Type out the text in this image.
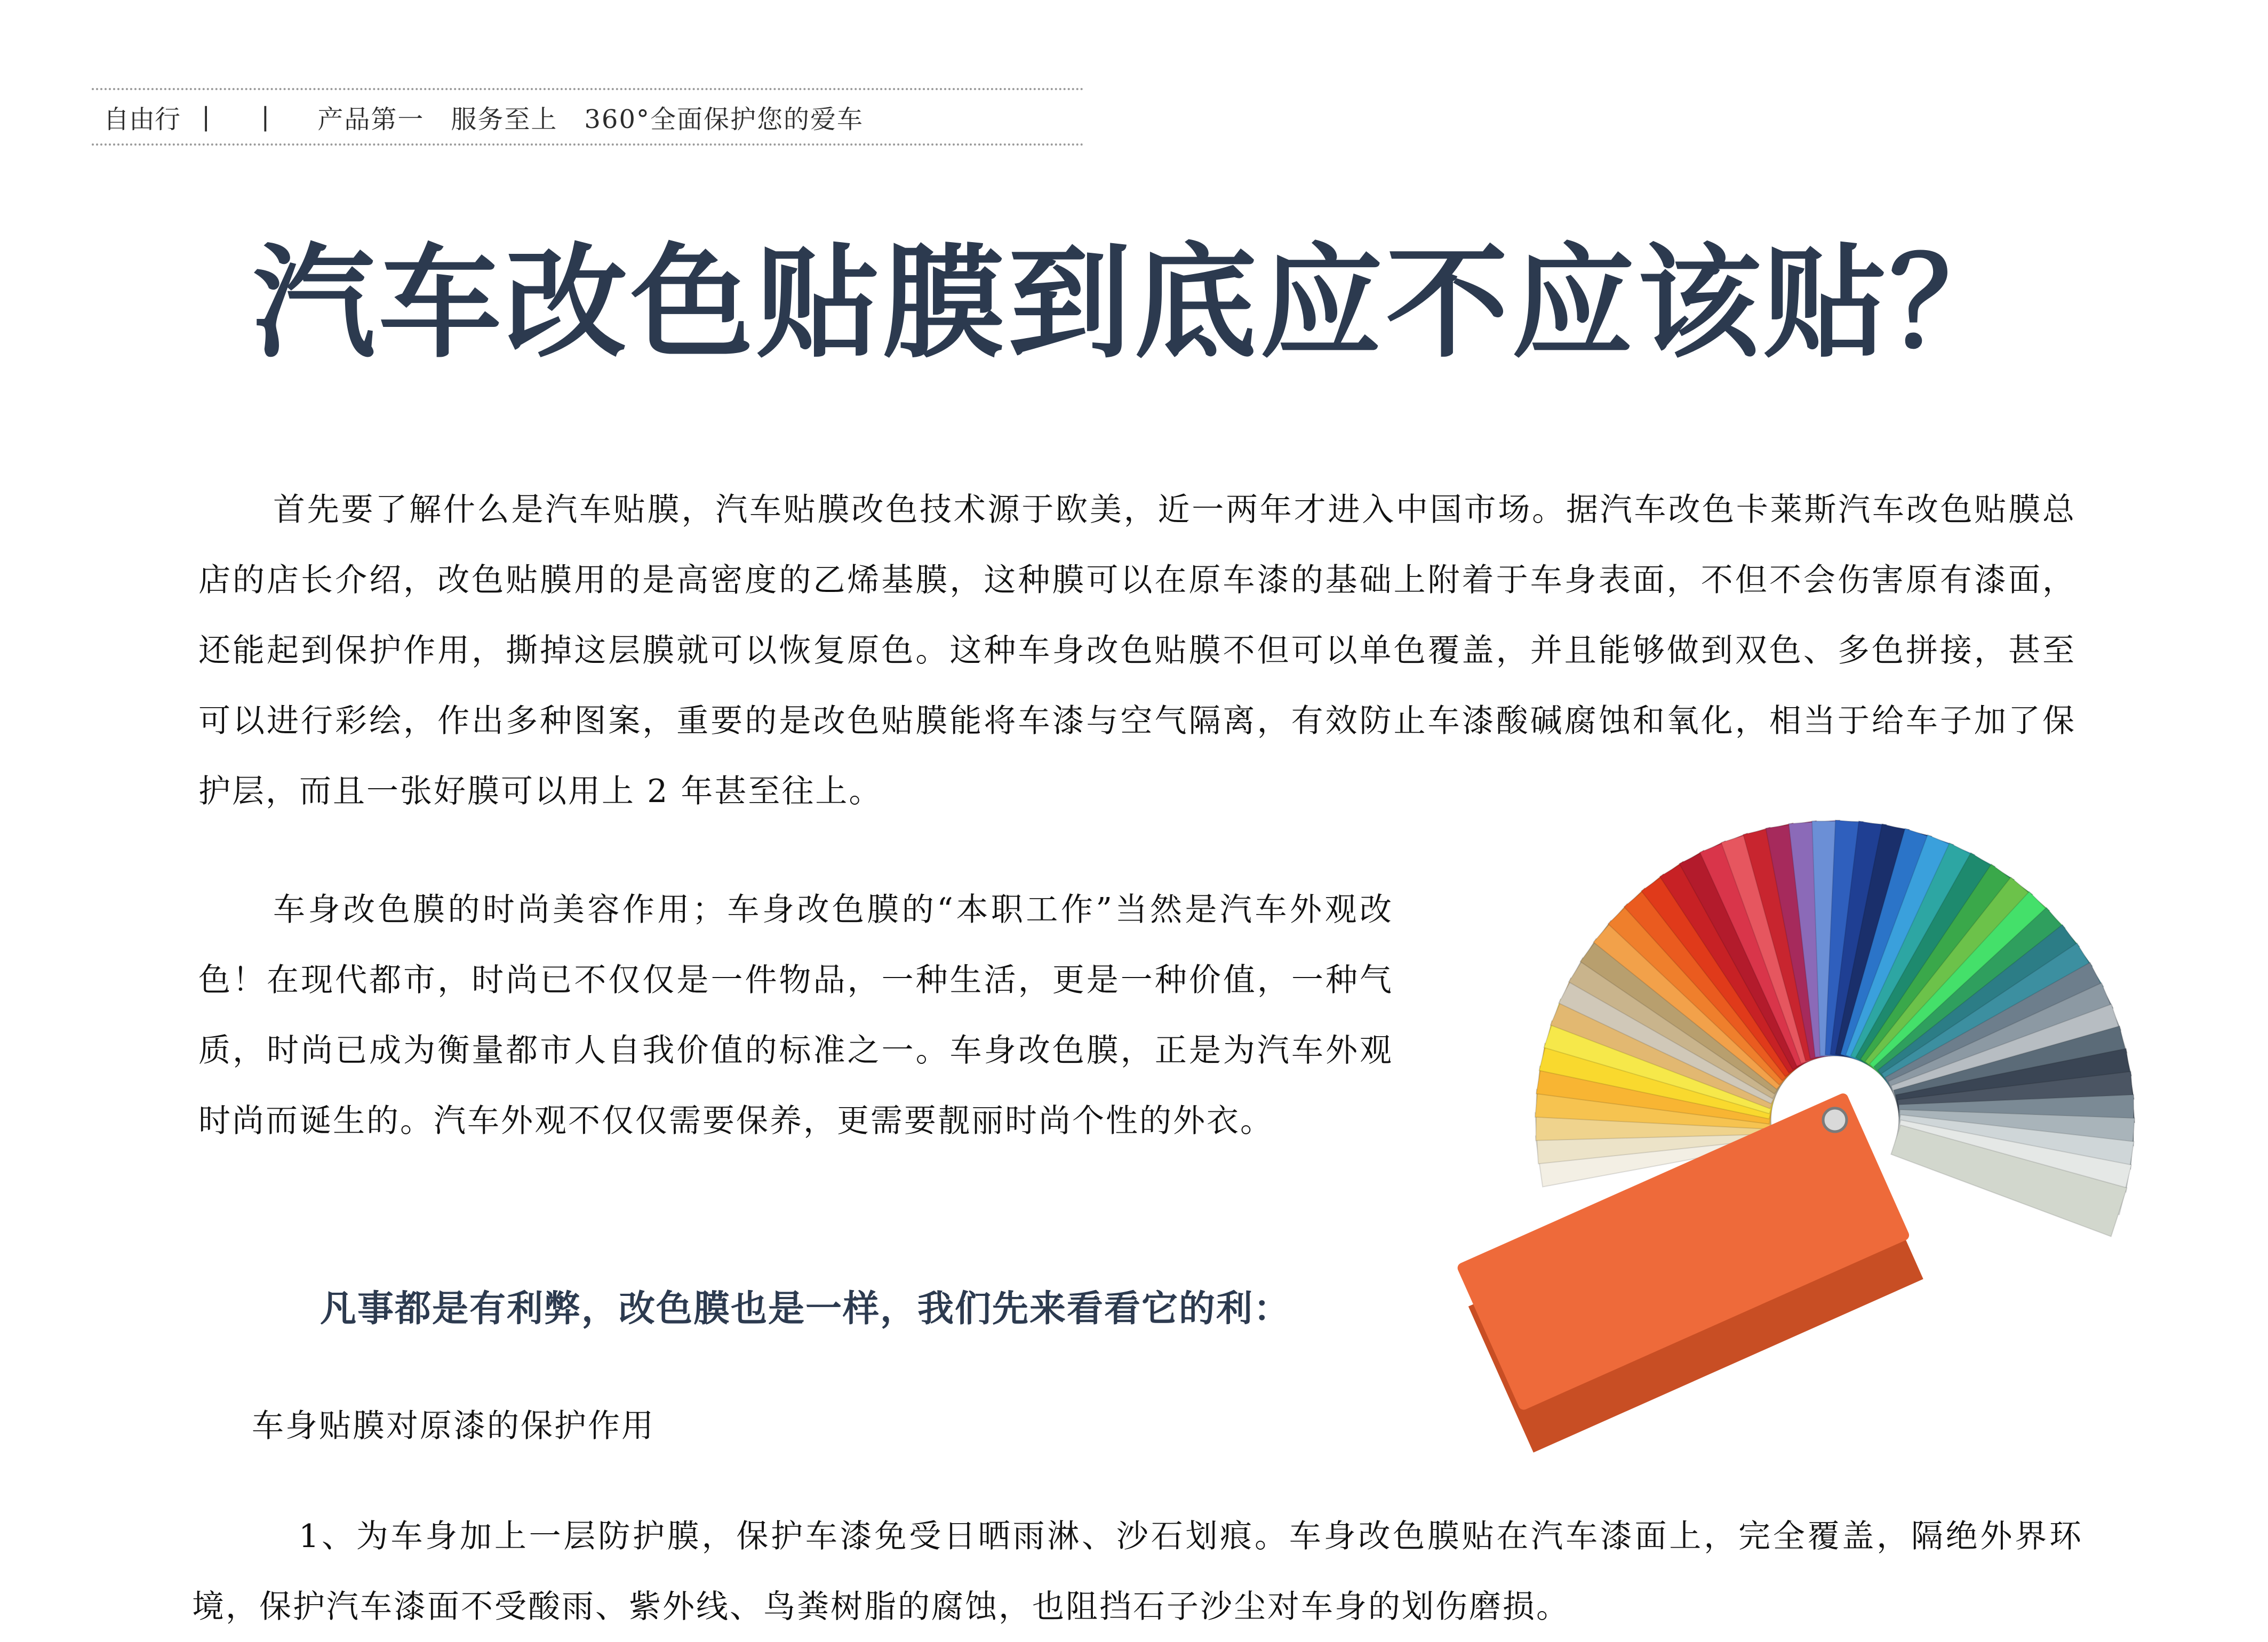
自由行 | | 产品第一　服务至上　360°全面保护您的爱车
汽车改色贴膜到底应不应该贴？

首先要了解什么是汽车贴膜，汽车贴膜改色技术源于欧美，近一两年才进入中国市场。据汽车改色卡莱斯汽车改色贴膜总店的店长介绍，改色贴膜用的是高密度的乙烯基膜，这种膜可以在原车漆的基础上附着于车身表面，不但不会伤害原有漆面，还能起到保护作用，撕掉这层膜就可以恢复原色。这种车身改色贴膜不但可以单色覆盖，并且能够做到双色、多色拼接，甚至可以进行彩绘，作出多种图案，重要的是改色贴膜能将车漆与空气隔离，有效防止车漆酸碱腐蚀和氧化，相当于给车子加了保护层，而且一张好膜可以用上 2 年甚至往上。

车身改色膜的时尚美容作用；车身改色膜的“本职工作”当然是汽车外观改色！在现代都市，时尚已不仅仅是一件物品，一种生活，更是一种价值，一种气质，时尚已成为衡量都市人自我价值的标准之一。车身改色膜，正是为汽车外观时尚而诞生的。汽车外观不仅仅需要保养，更需要靓丽时尚个性的外衣。

凡事都是有利弊，改色膜也是一样，我们先来看看它的利：
车身贴膜对原漆的保护作用

1、为车身加上一层防护膜，保护车漆免受日晒雨淋、沙石划痕。车身改色膜贴在汽车漆面上，完全覆盖，隔绝外界环境，保护汽车漆面不受酸雨、紫外线、鸟粪树脂的腐蚀，也阻挡石子沙尘对车身的划伤磨损。
